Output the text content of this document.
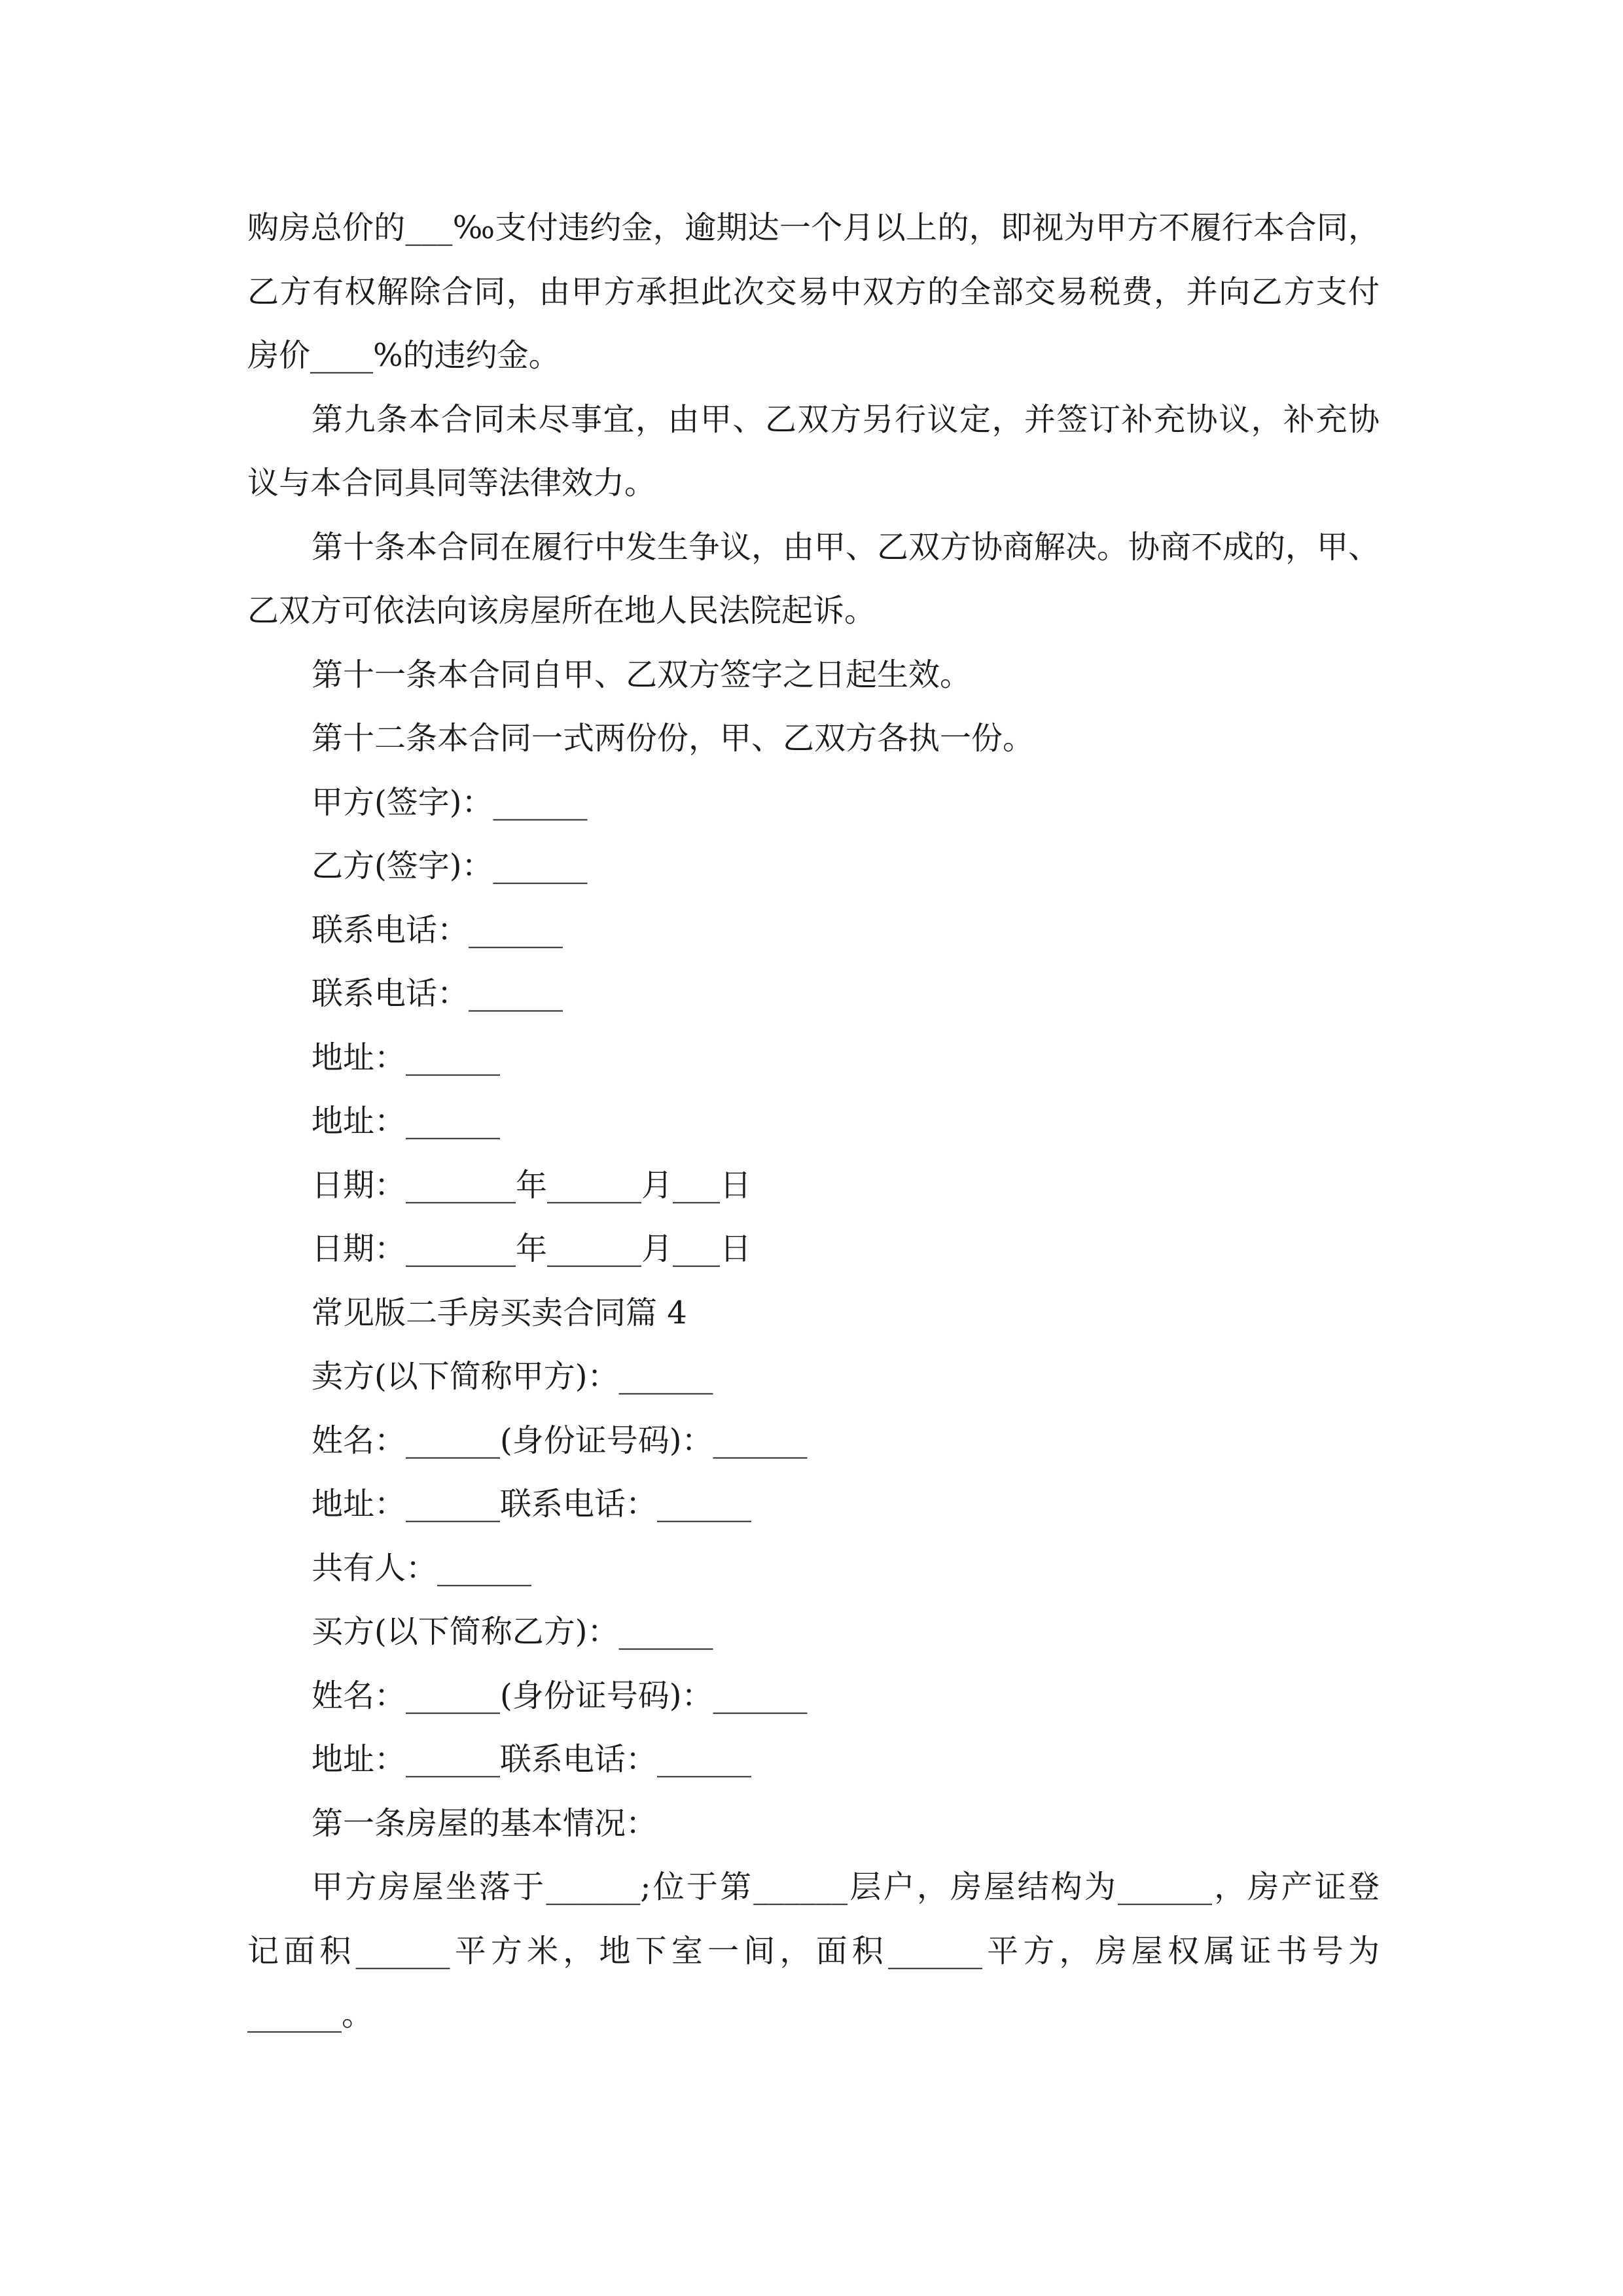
购房总价的___‰支付违约金，逾期达一个月以上的，即视为甲方不履行本合同，

乙方有权解除合同，由甲方承担此次交易中双方的全部交易税费，并向乙方支付

房价____%的违约金。

第九条本合同未尽事宜，由甲、乙双方另行议定，并签订补充协议，补充协

议与本合同具同等法律效力。

第十条本合同在履行中发生争议，由甲、乙双方协商解决。协商不成的，甲、

乙双方可依法向该房屋所在地人民法院起诉。

第十一条本合同自甲、乙双方签字之日起生效。

第十二条本合同一式两份份，甲、乙双方各执一份。

甲方(签字)：______

乙方(签字)：______

联系电话：______

联系电话：______

地址：______

地址：______

日期：_______年______月___日

日期：_______年______月___日

常见版二手房买卖合同篇 4

卖方(以下简称甲方)：______

姓名：______(身份证号码)：______

地址：______联系电话：______

共有人：______

买方(以下简称乙方)：______

姓名：______(身份证号码)：______

地址：______联系电话：______

第一条房屋的基本情况：

甲方房屋坐落于______;位于第______层户，房屋结构为______，房产证登

记面积______平方米，地下室一间，面积______平方，房屋权属证书号为

______。
